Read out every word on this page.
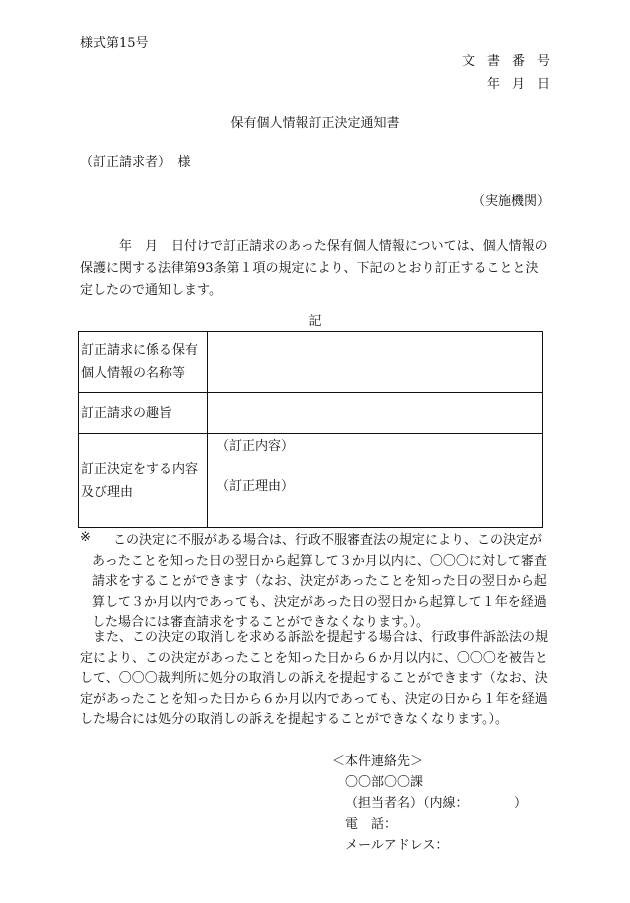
様式第15号
文書番号
年月日
保有個人情報訂正決定通知書
（訂正請求者）　様
（実施機関）
　　　年　月　日付けで訂正請求のあった保有個人情報については、個人情報の保護に関する法律第93条第１項の規定により、下記のとおり訂正することと決定したので通知します。
記
訂正請求に係る保有個人情報の名称等	
訂正請求の趣旨	
訂正決定をする内容及び理由	（訂正内容）
（訂正理由）
※	この決定に不服がある場合は、行政不服審査法の規定により、この決定があったことを知った日の翌日から起算して３か月以内に、〇〇〇に対して審査請求をすることができます（なお、決定があったことを知った日の翌日から起算して３か月以内であっても、決定があった日の翌日から起算して１年を経過した場合には審査請求をすることができなくなります。）。
　また、この決定の取消しを求める訴訟を提起する場合は、行政事件訴訟法の規定により、この決定があったことを知った日から６か月以内に、〇〇〇を被告として、〇〇〇裁判所に処分の取消しの訴えを提起することができます（なお、決定があったことを知った日から６か月以内であっても、決定の日から１年を経過した場合には処分の取消しの訴えを提起することができなくなります。）。
＜本件連絡先＞
〇〇部〇〇課
（担当者名）（内線：　　　　）
電　話：
メールアドレス：
